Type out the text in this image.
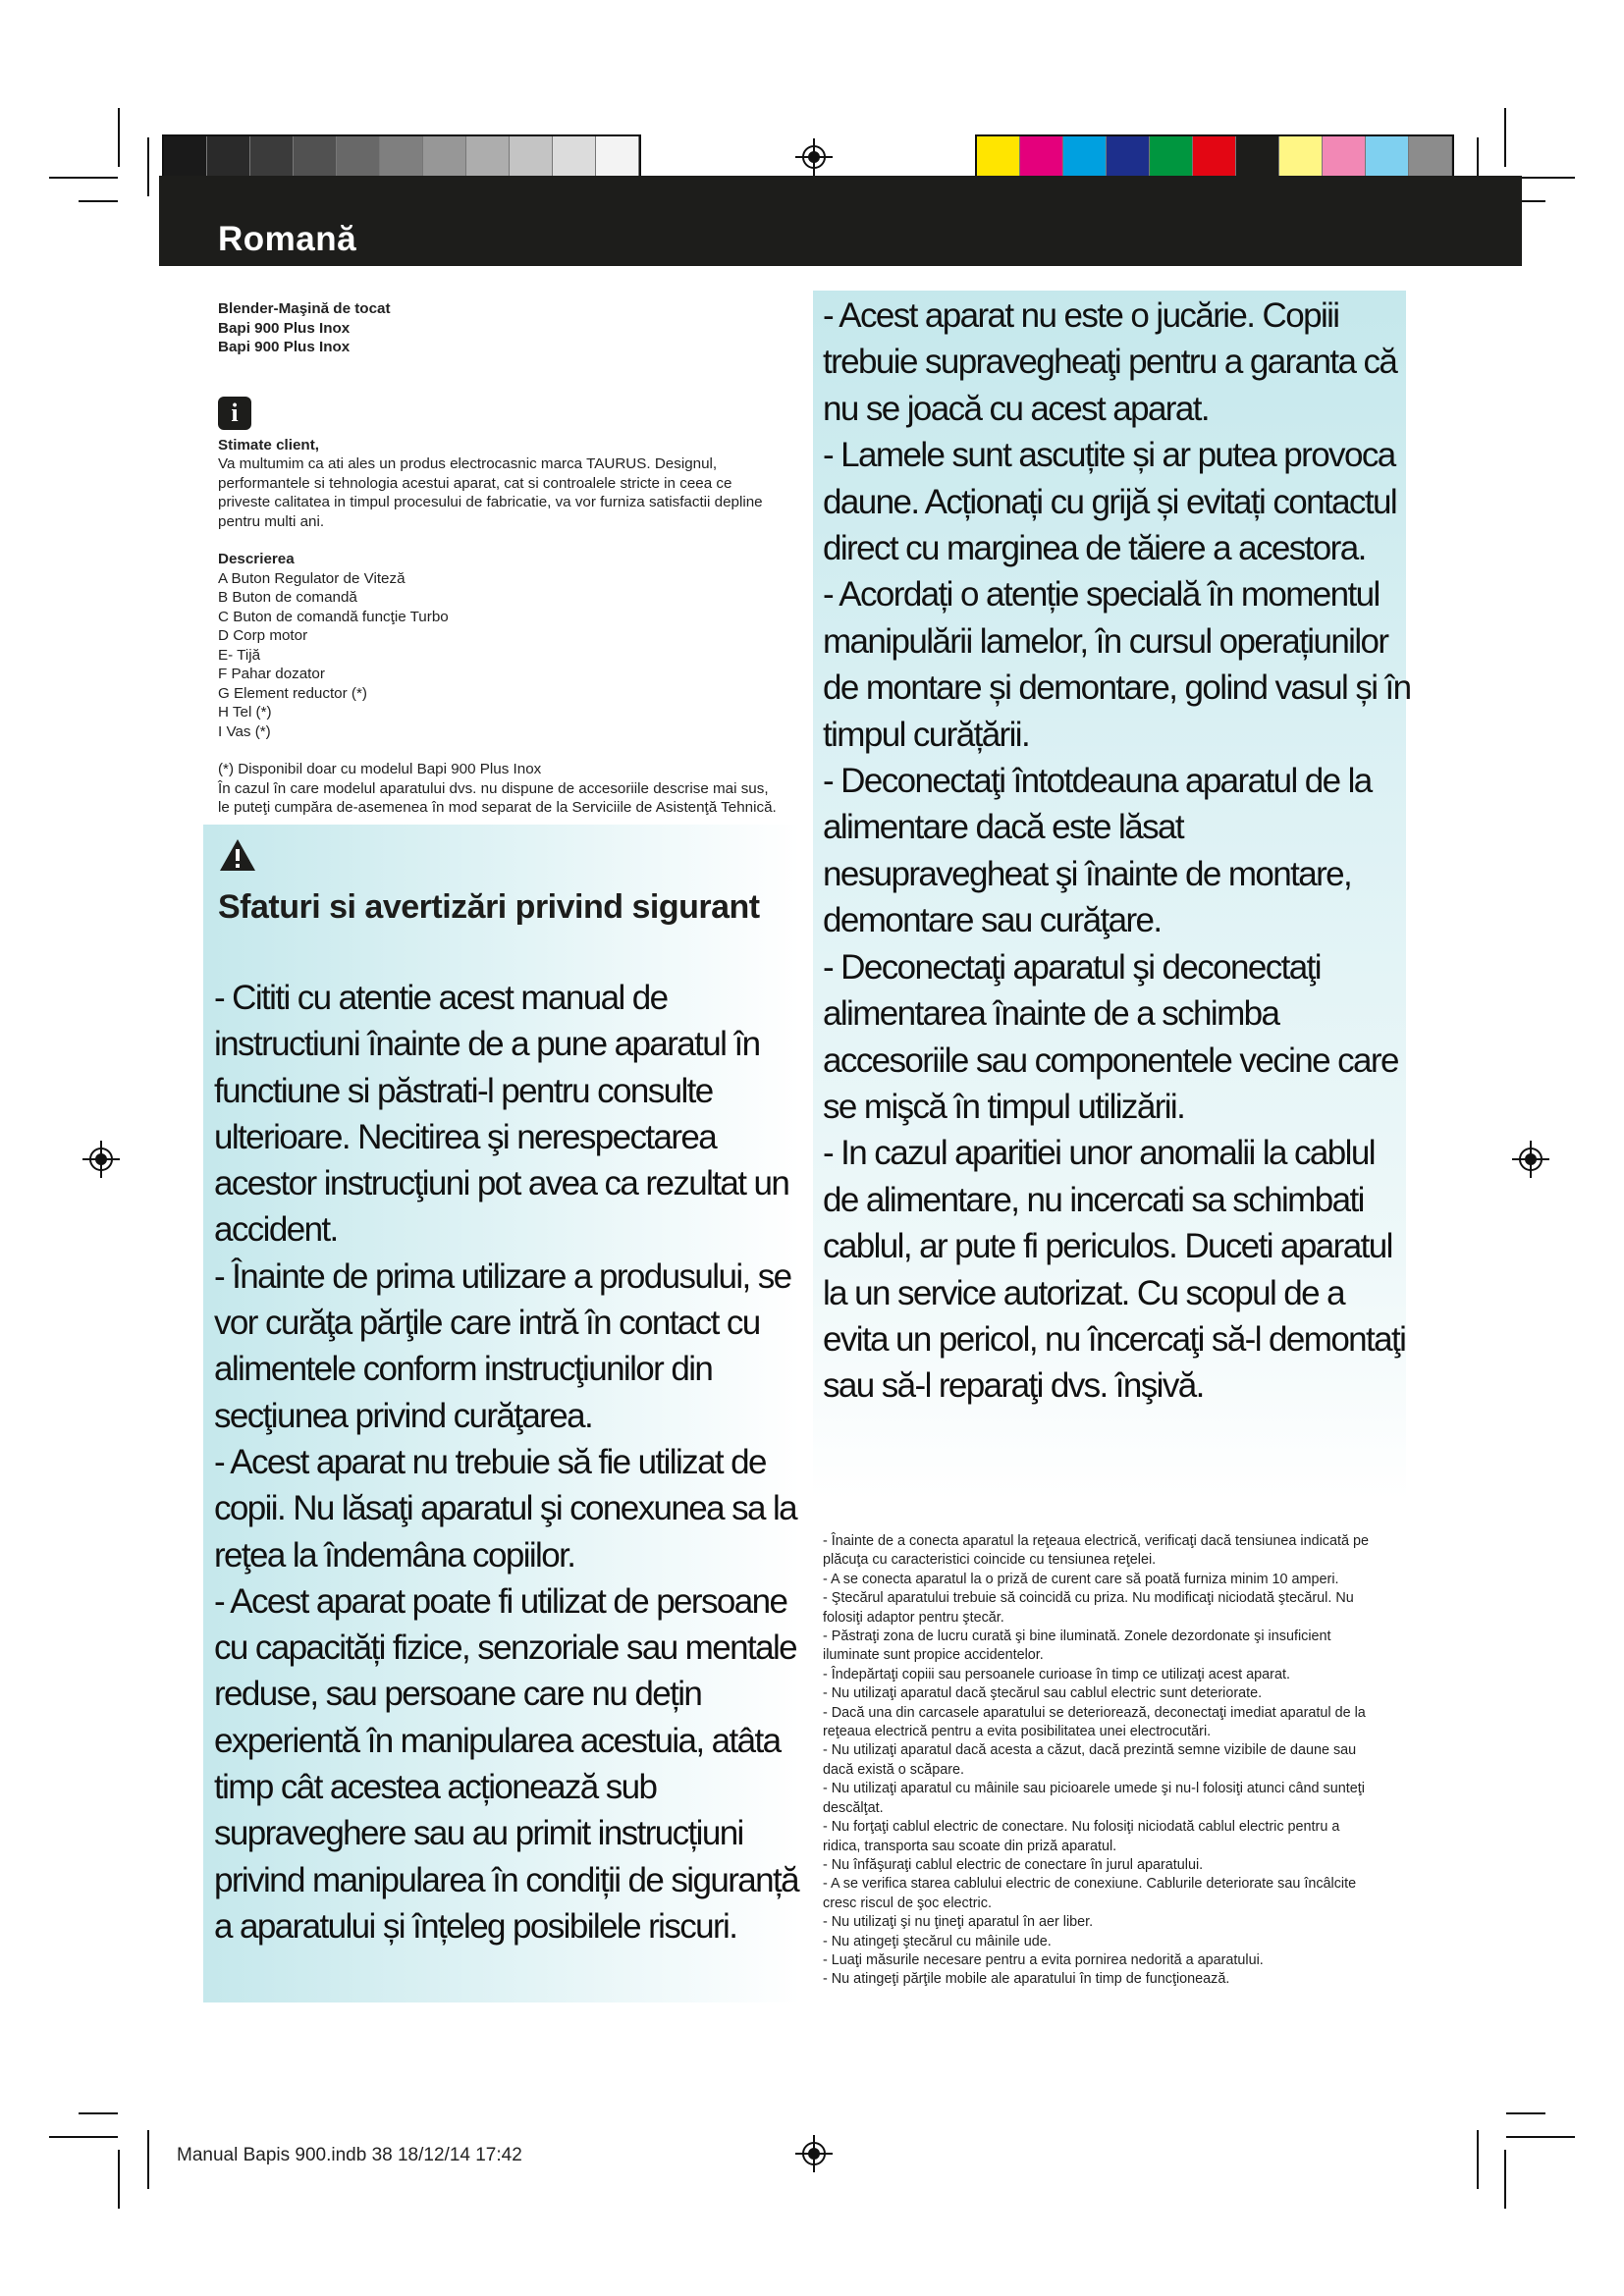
Romană
Blender-Maşină de tocat
Bapi 900 Plus Inox
Bapi 900 Plus Inox
i
Stimate client,
Va multumim ca ati ales un produs electrocasnic marca TAURUS. Designul, performantele si tehnologia acestui aparat, cat si controalele stricte in ceea ce priveste calitatea in timpul procesului de fabricatie, va vor furniza satisfactii depline pentru multi ani.
Descrierea
A Buton Regulator de Viteză
B Buton de comandă
C Buton de comandă funcţie Turbo
D Corp motor
E- Tijă
F Pahar dozator
G Element reductor (*)
H Tel (*)
I Vas (*)
(*) Disponibil doar cu modelul Bapi 900 Plus Inox
În cazul în care modelul aparatului dvs. nu dispune de accesoriile descrise mai sus, le puteţi cumpăra de-asemenea în mod separat de la Serviciile de Asistenţă Tehnică.
Sfaturi si avertizări privind sigurant

- Cititi cu atentie acest manual de instructiuni înainte de a pune aparatul în functiune si păstrati-l pentru consulte ulterioare. Necitirea şi nerespectarea acestor instrucţiuni pot avea ca rezultat un accident.

- Înainte de prima utilizare a produsului, se vor curăţa părţile care intră în contact cu alimentele conform instrucţiunilor din secţiunea privind curăţarea.

- Acest aparat nu trebuie să fie utilizat de copii. Nu lăsaţi aparatul şi conexunea sa la reţea la îndemâna copiilor.

- Acest aparat poate fi utilizat de persoane cu capacități fizice, senzoriale sau mentale reduse, sau persoane care nu dețin experientă în manipularea acestuia, atâta timp cât acestea acționează sub supraveghere sau au primit instrucțiuni privind manipularea în condiții de siguranță a aparatului și înțeleg posibilele riscuri.

- Acest aparat nu este o jucărie. Copiii trebuie supravegheaţi pentru a garanta că nu se joacă cu acest aparat.

- Lamele sunt ascuțite și ar putea provoca daune. Acționați cu grijă și evitați contactul direct cu marginea de tăiere a acestora.

- Acordați o atenție specială în momentul manipulării lamelor, în cursul operațiunilor de montare și demontare, golind vasul și în timpul curățării.

- Deconectaţi întotdeauna aparatul de la alimentare dacă este lăsat nesupravegheat şi înainte de montare, demontare sau curăţare.

- Deconectaţi aparatul şi deconectaţi alimentarea înainte de a schimba accesoriile sau componentele vecine care se mişcă în timpul utilizării.

- In cazul aparitiei unor anomalii la cablul de alimentare, nu incercati sa schimbati cablul, ar pute fi periculos. Duceti aparatul la un service autorizat. Cu scopul de a evita un pericol, nu încercaţi să-l demontaţi sau să-l reparaţi dvs. înşivă.

- Înainte de a conecta aparatul la reţeaua electrică, verificaţi dacă tensiunea indicată pe plăcuţa cu caracteristici coincide cu tensiunea reţelei.

- A se conecta aparatul la o priză de curent care să poată furniza minim 10 amperi.

- Ştecărul aparatului trebuie să coincidă cu priza. Nu modificaţi niciodată ştecărul. Nu folosiţi adaptor pentru ştecăr.

- Păstraţi zona de lucru curată şi bine iluminată. Zonele dezordonate şi insuficient iluminate sunt propice accidentelor.

- Îndepărtaţi copiii sau persoanele curioase în timp ce utilizaţi acest aparat.

- Nu utilizaţi aparatul dacă ştecărul sau cablul electric sunt deteriorate.

- Dacă una din carcasele aparatului se deteriorează, deconectaţi imediat aparatul de la reţeaua electrică pentru a evita posibilitatea unei electrocutări.

- Nu utilizaţi aparatul dacă acesta a căzut, dacă prezintă semne vizibile de daune sau dacă există o scăpare.

- Nu utilizaţi aparatul cu mâinile sau picioarele umede şi nu-l folosiţi atunci când sunteţi descălţat.

- Nu forţaţi cablul electric de conectare. Nu folosiţi niciodată cablul electric pentru a ridica, transporta sau scoate din priză aparatul.

- Nu înfăşuraţi cablul electric de conectare în jurul aparatului.

- A se verifica starea cablului electric de conexiune. Cablurile deteriorate sau încâlcite cresc riscul de şoc electric.

- Nu utilizaţi şi nu ţineţi aparatul în aer liber.

- Nu atingeţi ştecărul cu mâinile ude.

- Luaţi măsurile necesare pentru a evita pornirea nedorită a aparatului.

- Nu atingeţi părţile mobile ale aparatului în timp de funcţionează.

Manual Bapis 900.indb 38 18/12/14 17:42
